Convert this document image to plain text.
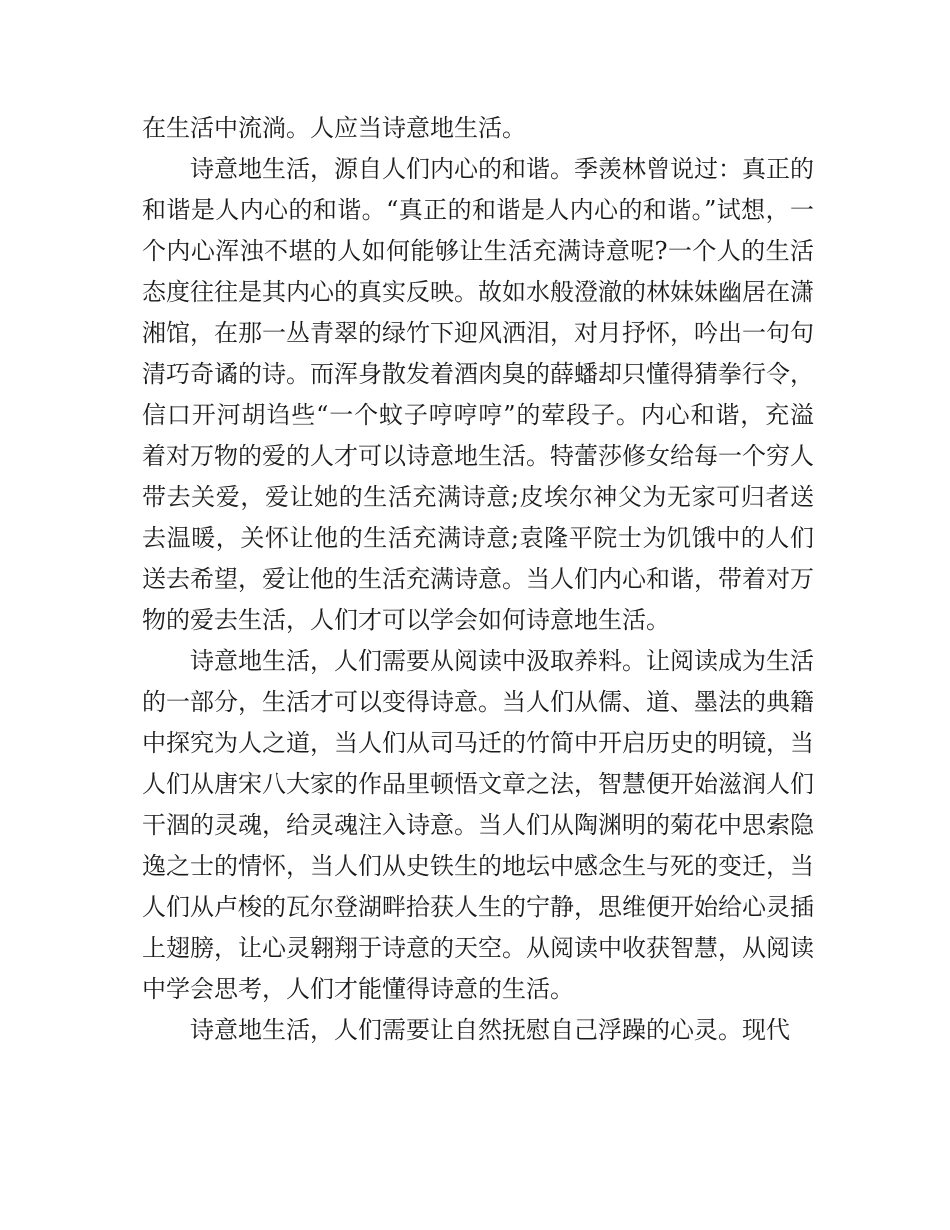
在生活中流淌。人应当诗意地生活。

诗意地生活，源自人们内心的和谐。季羡林曾说过：真正的和谐是人内心的和谐。“真正的和谐是人内心的和谐。”试想，一个内心浑浊不堪的人如何能够让生活充满诗意呢?一个人的生活态度往往是其内心的真实反映。故如水般澄澈的林妹妹幽居在潇湘馆，在那一丛青翠的绿竹下迎风洒泪，对月抒怀，吟出一句句清巧奇谲的诗。而浑身散发着酒肉臭的薛蟠却只懂得猜拳行令，信口开河胡诌些“一个蚊子哼哼哼”的荤段子。内心和谐，充溢着对万物的爱的人才可以诗意地生活。特蕾莎修女给每一个穷人带去关爱，爱让她的生活充满诗意;皮埃尔神父为无家可归者送去温暖，关怀让他的生活充满诗意;袁隆平院士为饥饿中的人们送去希望，爱让他的生活充满诗意。当人们内心和谐，带着对万物的爱去生活，人们才可以学会如何诗意地生活。

诗意地生活，人们需要从阅读中汲取养料。让阅读成为生活的一部分，生活才可以变得诗意。当人们从儒、道、墨法的典籍中探究为人之道，当人们从司马迁的竹简中开启历史的明镜，当人们从唐宋八大家的作品里顿悟文章之法，智慧便开始滋润人们干涸的灵魂，给灵魂注入诗意。当人们从陶渊明的菊花中思索隐逸之士的情怀，当人们从史铁生的地坛中感念生与死的变迁，当人们从卢梭的瓦尔登湖畔拾获人生的宁静，思维便开始给心灵插上翅膀，让心灵翱翔于诗意的天空。从阅读中收获智慧，从阅读中学会思考，人们才能懂得诗意的生活。

诗意地生活，人们需要让自然抚慰自己浮躁的心灵。现代
